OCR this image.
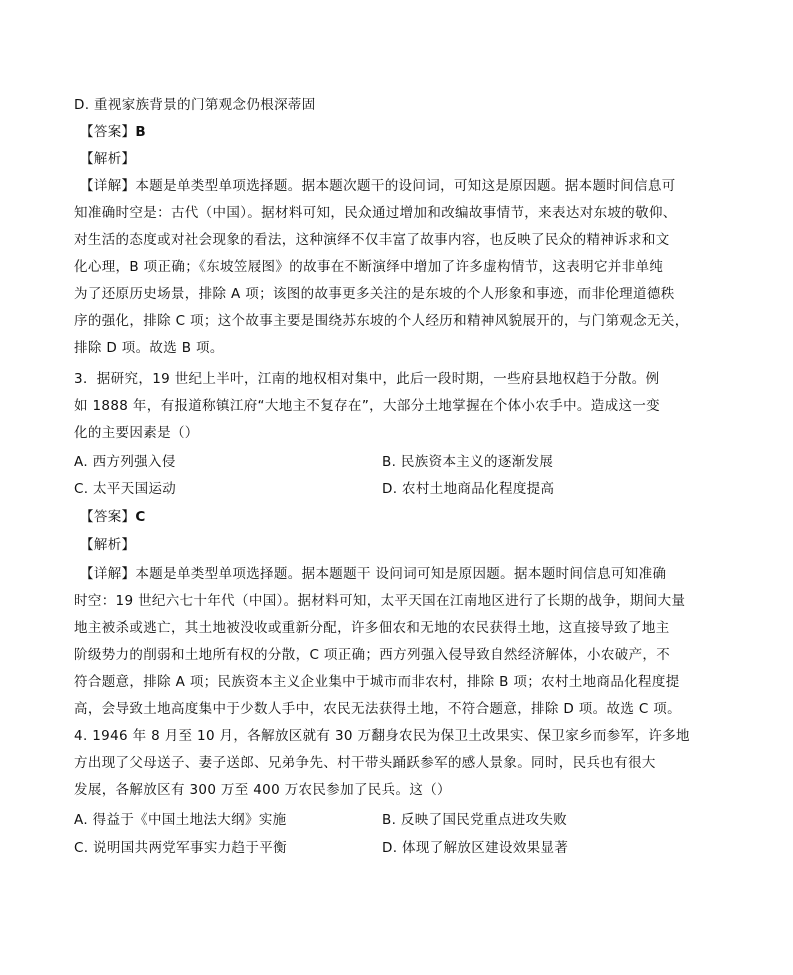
D. 重视家族背景的门第观念仍根深蒂固
【答案】B
【解析】
【详解】本题是单类型单项选择题。据本题次题干的设问词，可知这是原因题。据本题时间信息可
知准确时空是：古代（中国）。据材料可知，民众通过增加和改编故事情节，来表达对东坡的敬仰、
对生活的态度或对社会现象的看法，这种演绎不仅丰富了故事内容，也反映了民众的精神诉求和文
化心理，B 项正确；《东坡笠屐图》的故事在不断演绎中增加了许多虚构情节，这表明它并非单纯
为了还原历史场景，排除 A 项；该图的故事更多关注的是东坡的个人形象和事迹，而非伦理道德秩
序的强化，排除 C 项；这个故事主要是围绕苏东坡的个人经历和精神风貌展开的，与门第观念无关，
排除 D 项。故选 B 项。
3．据研究，19 世纪上半叶，江南的地权相对集中，此后一段时期，一些府县地权趋于分散。例
如 1888 年，有报道称镇江府“大地主不复存在”，大部分土地掌握在个体小农手中。造成这一变
化的主要因素是（）
A. 西方列强入侵	B. 民族资本主义的逐渐发展
C. 太平天国运动	D. 农村土地商品化程度提高
【答案】C
【解析】
【详解】本题是单类型单项选择题。据本题题干 设问词可知是原因题。据本题时间信息可知准确
时空：19 世纪六七十年代（中国）。据材料可知，太平天国在江南地区进行了长期的战争，期间大量
地主被杀或逃亡，其土地被没收或重新分配，许多佃农和无地的农民获得土地，这直接导致了地主
阶级势力的削弱和土地所有权的分散，C 项正确；西方列强入侵导致自然经济解体，小农破产，不
符合题意，排除 A 项；民族资本主义企业集中于城市而非农村，排除 B 项；农村土地商品化程度提
高，会导致土地高度集中于少数人手中，农民无法获得土地，不符合题意，排除 D 项。故选 C 项。
4. 1946 年 8 月至 10 月，各解放区就有 30 万翻身农民为保卫土改果实、保卫家乡而参军，许多地
方出现了父母送子、妻子送郎、兄弟争先、村干带头踊跃参军的感人景象。同时，民兵也有很大
发展，各解放区有 300 万至 400 万农民参加了民兵。这（）
A. 得益于《中国土地法大纲》实施	B. 反映了国民党重点进攻失败
C. 说明国共两党军事实力趋于平衡	D. 体现了解放区建设效果显著
